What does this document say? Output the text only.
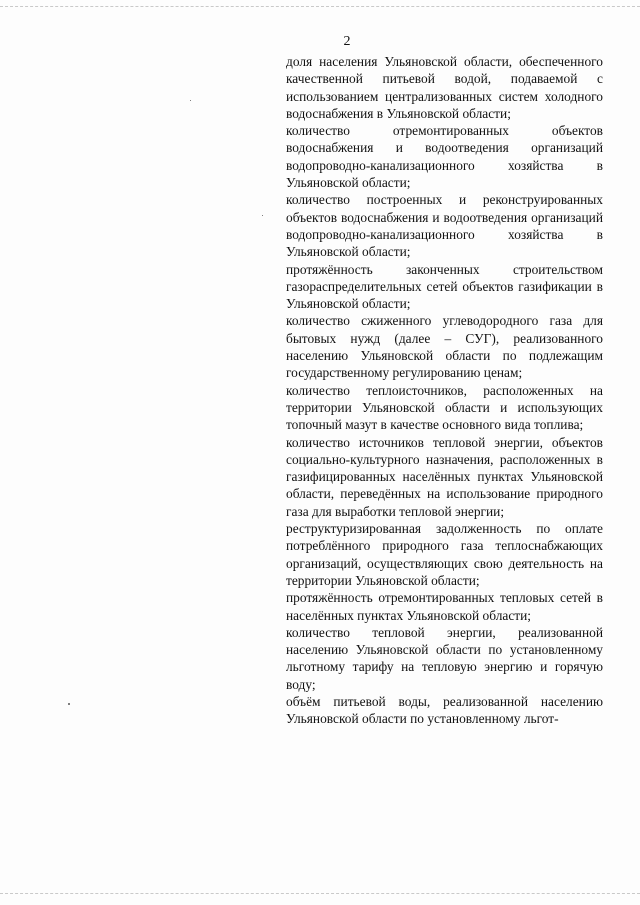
2

доля населения Ульяновской области, обеспеченного качественной питьевой водой, подаваемой с использованием централизованных систем холодного водоснабжения в Ульяновской области;

количество отремонтированных объектов водоснабжения и водоотведения организаций водопроводно-канализационного хозяйства в Ульяновской области;

количество построенных и реконструированных объектов водоснабжения и водоотведения организаций водопроводно-канализационного хозяйства в Ульяновской области;

протяжённость законченных строительством газораспределительных сетей объектов газификации в Ульяновской области;

количество сжиженного углеводородного газа для бытовых нужд (далее – СУГ), реализованного населению Ульяновской области по подлежащим государственному регулированию ценам;

количество теплоисточников, расположенных на территории Ульяновской области и использующих топочный мазут в качестве основного вида топлива;

количество источников тепловой энергии, объектов социально-культурного назначения, расположенных в газифицированных населённых пунктах Ульяновской области, переведённых на использование природного газа для выработки тепловой энергии;

реструктуризированная задолженность по оплате потреблённого природного газа теплоснабжающих организаций, осуществляющих свою деятельность на территории Ульяновской области;

протяжённость отремонтированных тепловых сетей в населённых пунктах Ульяновской области;

количество тепловой энергии, реализованной населению Ульяновской области по установленному льготному тарифу на тепловую энергию и горячую воду;

объём питьевой воды, реализованной населению Ульяновской области по установленному льгот-
